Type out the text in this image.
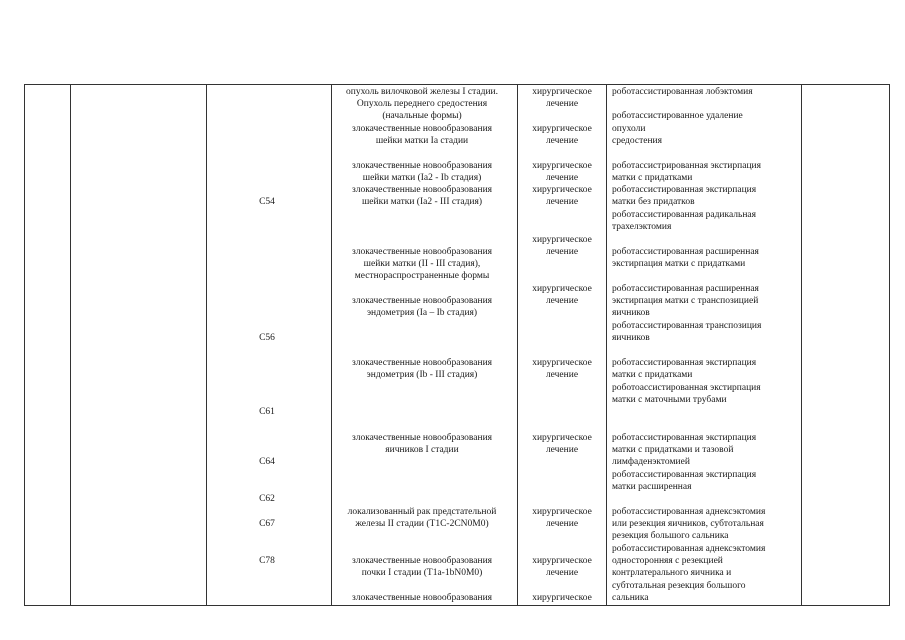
C54
C56
C61
C64
C62
C67
C78
опухоль вилочковой железы I стадии.
Опухоль переднего средостения
(начальные формы)
злокачественные новообразования
шейки матки Ia стадии
злокачественные новообразования
шейки матки (Ia2 - Ib стадия)
злокачественные новообразования
шейки матки (Ia2 - III стадия)
злокачественные новообразования
шейки матки (II - III стадия),
местнораспространенные формы
злокачественные новообразования
эндометрия (Ia – Ib стадия)
злокачественные новообразования
эндометрия (Ib - III стадия)
злокачественные новообразования
яичников I стадии
локализованный рак предстательной
железы II стадии (T1C-2CN0M0)
злокачественные новообразования
почки I стадии (T1a-1bN0M0)
злокачественные новообразования
хирургическое
лечение
хирургическое
лечение
хирургическое
лечение
хирургическое
лечение
хирургическое
лечение
хирургическое
лечение
хирургическое
лечение
хирургическое
лечение
хирургическое
лечение
хирургическое
лечение
хирургическое
роботассистированная лобэктомия
роботассистированное удаление
опухоли
средостения
роботассистрированная экстирпация
матки с придатками
роботассистированная экстирпация
матки без придатков
роботассистированная радикальная
трахелэктомия
роботассистированная расширенная
экстирпация матки с придатками
роботассистированная расширенная
экстирпация матки с транспозицией
яичников
роботассистированная транспозиция
яичников
роботассистированная экстирпация
матки с придатками
роботоассистированная экстирпация
матки с маточными трубами
роботассистированная экстирпация
матки с придатками и тазовой
лимфаденэктомией
роботассистированная экстирпация
матки расширенная
роботассистированная аднексэктомия
или резекция яичников, субтотальная
резекция большого сальника
роботассистированная аднексэктомия
односторонняя с резекцией
контрлатерального яичника и
субтотальная резекция большого
сальника
